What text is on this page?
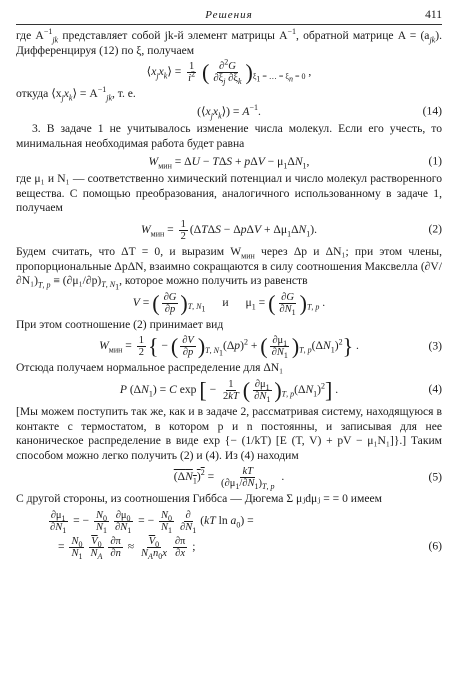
Решения	411

где $A^{-1}_{jk}$ представляет собой jk-й элемент матрицы $A^{-1}$, обратной матрице $A = (a_{jk})$. Дифференцируя (12) по ξ, получаем

$⟨x_jx_k⟩ = \frac{1}{i^2}$ ( $\frac{\partial^2G}{\partial\xi_j \partial\xi_k} )_{\xi_1 = \dots = \xi_n = 0}$ ,

откуда $⟨x_jx_k⟩ = A^{-1}_{jk}$, т. е.

$(⟨x_jx_k⟩) = A^{-1}$.	(14)

3. В задаче 1 не учитывалось изменение числа молекул. Если его учесть, то минимальная необходимая работа будет равна

$W_{мин} = \Delta U - T\Delta S + p\Delta V - \mu_1\Delta N_1$,	(1)

где μ₁ и N₁ — соответственно химический потенциал и число молекул растворенного вещества. С помощью преобразования, аналогичного использованному в задаче 1, получаем

$W_{мин} = \frac{1}{2} (\Delta T\Delta S - \Delta p\Delta V + \Delta\mu_1\Delta N_1)$.	(2)

Будем считать, что ΔT = 0, и выразим $W_{мин}$ через Δp и ΔN₁; при этом члены, пропорциональные ΔpΔN, взаимно сокращаются в силу соотношения Максвелла $(\partial V/\partial N_1)_{T, p} \equiv (\partial\mu_1/\partial p)_{T, N_1}$, которое можно получить из равенств

V = ( $\frac{\partial G}{\partial p} )_{T, N_1}$ и $\mu_1$ = ( $\frac{\partial G}{\partial N_1} )_{T, p}$ .

При этом соотношение (2) принимает вид

$W_{мин} = \frac{1}{2}$ { − ( $\frac{\partial V}{\partial p} )_{T, N_1}(\Delta p)^2$ + ( $\frac{\partial\mu_1}{\partial N_1} )_{T, p}(\Delta N_1)^2$} .	(3)

Отсюда получаем нормальное распределение для ΔN₁

P $(\Delta N_1) = C$ exp [ − $\frac{1}{2kT}$ ( $\frac{\partial\mu_1}{\partial N_1} )_{T, p}(\Delta N_1)^2$] .	(4)

[Мы можем поступить так же, как и в задаче 2, рассматривая систему, находящуюся в контакте с термостатом, в котором p и n постоянны, и записывая для нее каноническое распределение в виде exp {− (1/kT) [E (T, V) + pV − μ₁N₁]}.] Таким способом можно легко получить (2) и (4). Из (4) находим

$(\Delta N_1)^2 = \frac{kT}{(\partial\mu_1/\partial N_1)_{T, p}}$ .	(5)

С другой стороны, из соотношения Гиббса — Дюгема Σ μⱼdμⱼ = = 0 имеем

$\frac{\partial\mu_1}{\partial N_1}$ = − $\frac{N_0}{N_1} \frac{\partial\mu_0}{\partial N_1}$ = − $\frac{N_0}{N_1} \frac{\partial}{\partial N_1} (kT$ $\ln a_0$) =
= $\frac{N_0}{N_1} \frac{\overline{V}_0}{N_A} \frac{\partial\pi}{\partial n} \approx \frac{\overline{V}_0}{N_An_0x} \frac{\partial\pi}{\partial x}$ ;	(6)
